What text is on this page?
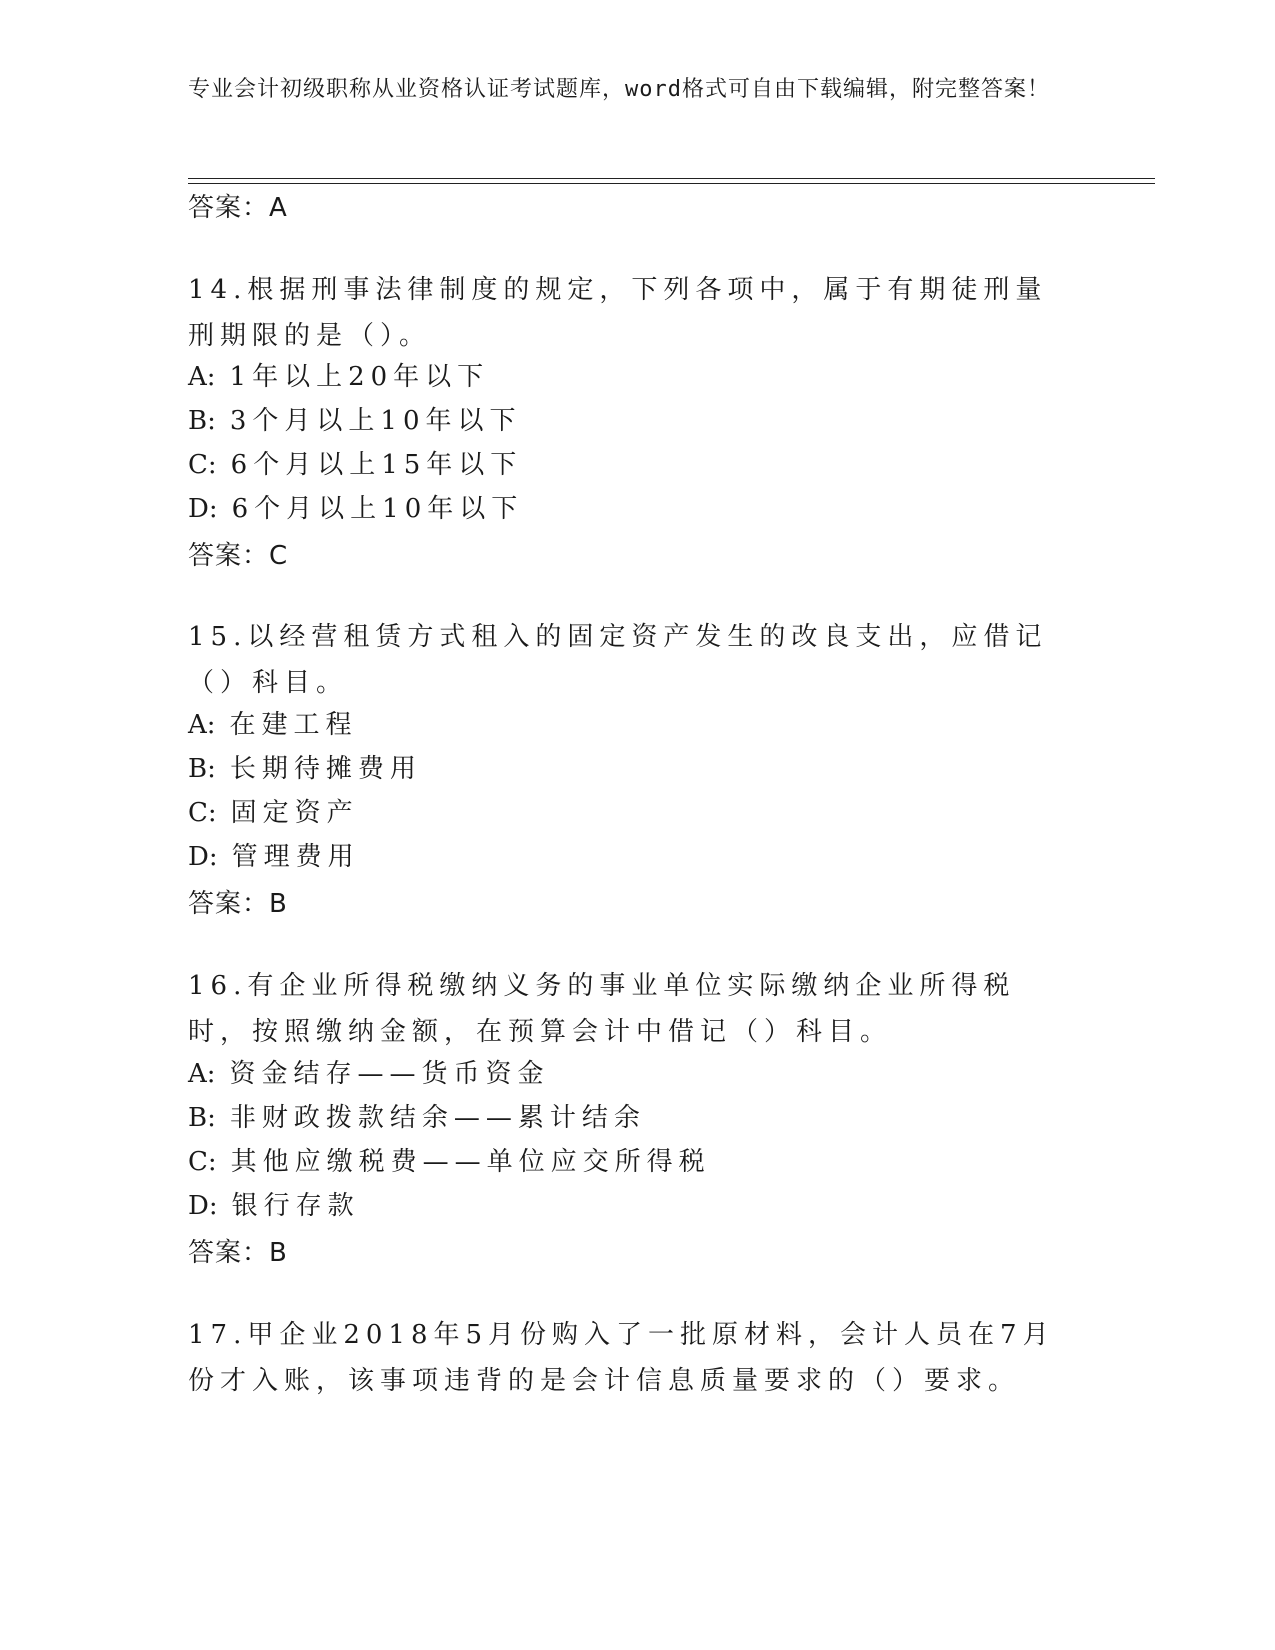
专业会计初级职称从业资格认证考试题库，word格式可自由下载编辑，附完整答案！
答案：A
14.根据刑事法律制度的规定，下列各项中，属于有期徒刑量刑期限的是（）。
A: 1年以上20年以下
B: 3个月以上10年以下
C: 6个月以上15年以下
D: 6个月以上10年以下
答案：C
15.以经营租赁方式租入的固定资产发生的改良支出，应借记（）科目。
A: 在建工程
B: 长期待摊费用
C: 固定资产
D: 管理费用
答案：B
16.有企业所得税缴纳义务的事业单位实际缴纳企业所得税时，按照缴纳金额，在预算会计中借记（）科目。
A: 资金结存——货币资金
B: 非财政拨款结余——累计结余
C: 其他应缴税费——单位应交所得税
D: 银行存款
答案：B
17.甲企业2018年5月份购入了一批原材料，会计人员在7月份才入账，该事项违背的是会计信息质量要求的（）要求。
